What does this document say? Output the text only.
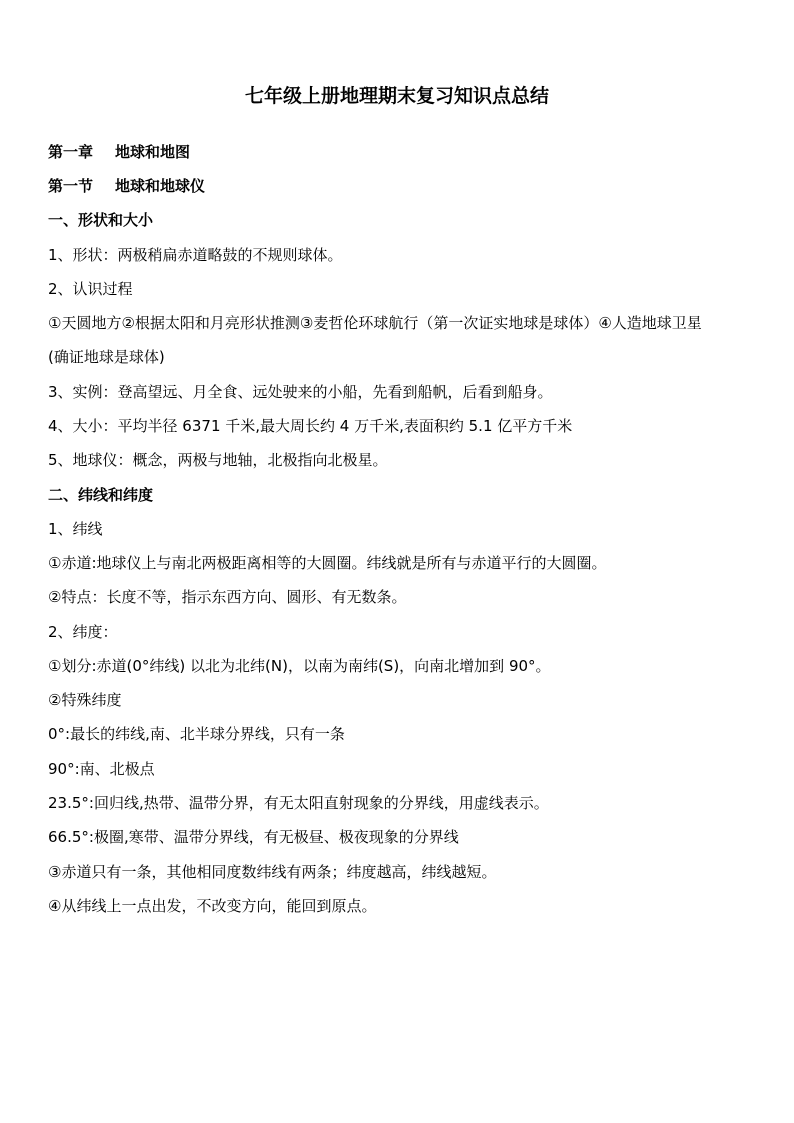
七年级上册地理期末复习知识点总结
第一章 地球和地图
第一节 地球和地球仪
一、形状和大小
1、形状：两极稍扁赤道略鼓的不规则球体。
2、认识过程
①天圆地方②根据太阳和月亮形状推测③麦哲伦环球航行（第一次证实地球是球体）④人造地球卫星
(确证地球是球体)
3、实例：登高望远、月全食、远处驶来的小船，先看到船帆，后看到船身。
4、大小：平均半径 6371 千米,最大周长约 4 万千米,表面积约 5.1 亿平方千米
5、地球仪：概念，两极与地轴，北极指向北极星。
二、纬线和纬度
1、纬线
①赤道:地球仪上与南北两极距离相等的大圆圈。纬线就是所有与赤道平行的大圆圈。
②特点：长度不等，指示东西方向、圆形、有无数条。
2、纬度：
①划分:赤道(0°纬线) 以北为北纬(N)，以南为南纬(S)，向南北增加到 90°。
②特殊纬度
0°:最长的纬线,南、北半球分界线，只有一条
90°:南、北极点
23.5°:回归线,热带、温带分界，有无太阳直射现象的分界线，用虚线表示。
66.5°:极圈,寒带、温带分界线，有无极昼、极夜现象的分界线
③赤道只有一条，其他相同度数纬线有两条；纬度越高，纬线越短。
④从纬线上一点出发，不改变方向，能回到原点。
